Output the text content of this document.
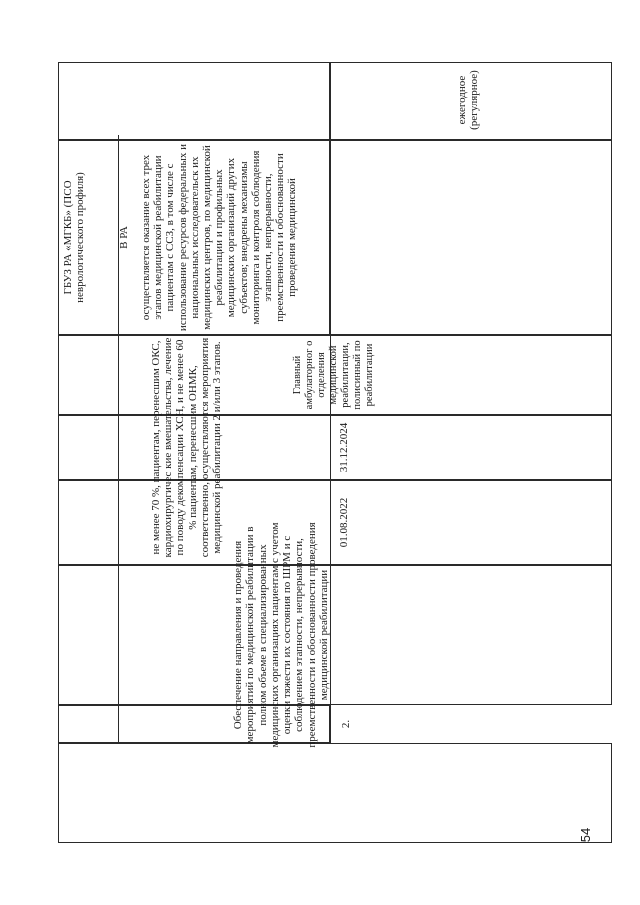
ежегодное
(регулярное)
2.
Обеспечение направления и проведения мероприятий по медицинской реабилитации в полном объеме в специализированных медицинских организациях пациентам с учетом оценки тяжести их состояния по ШРМ и с соблюдением этапности, непрерывности, преемственности и обоснованности проведения медицинской реабилитации
01.08.2022
31.12.2024
Главный амбулаторног о отделения медицинской реабилитации, полисинный по реабилитации
ГБУЗ РА «МГКБ» (ПСО неврологического профиля)	В РА
не менее 70 %, пациентам, перенесшим ОКС, кардиохирургичес кие вмешательства, лечение по поводу декомпенсации ХСН, и не менее 60 % пациентам, перенесшим ОНМК, соответственно, осуществляются мероприятия медицинской реабилитации 2 и/или 3 этапов.
осуществляется оказание всех трех этапов медицинской реабилитации пациентам с ССЗ, в том числе с использование ресурсов федеральных и национальных исследовательск их медицинских центров, по медицинской реабилитации и профильных медицинских организаций других субъектов; внедрены механизмы мониторинга и контроля соблюдения этапности, непрерывности, преемственности и обоснованности проведения медицинской
54
